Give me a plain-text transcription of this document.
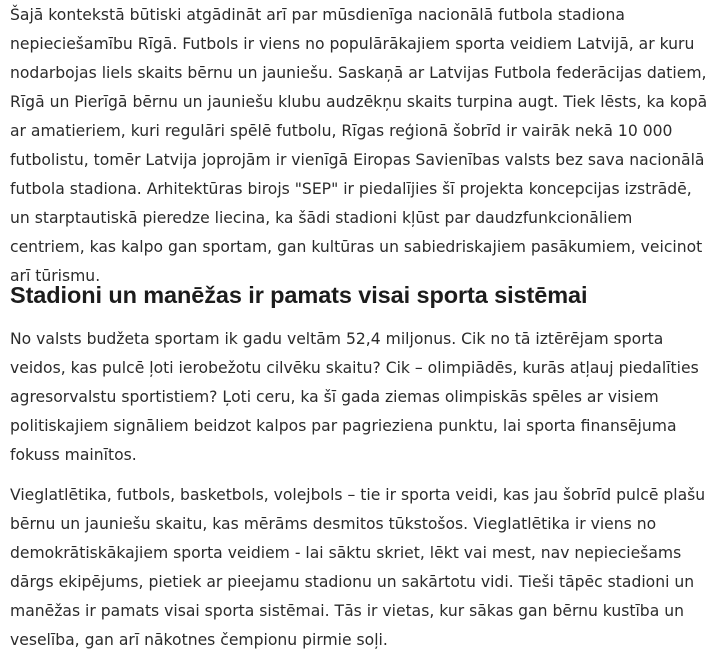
Šajā kontekstā būtiski atgādināt arī par mūsdienīga nacionālā futbola stadiona nepieciešamību Rīgā. Futbols ir viens no populārākajiem sporta veidiem Latvijā, ar kuru nodarbojas liels skaits bērnu un jauniešu. Saskaņā ar Latvijas Futbola federācijas datiem, Rīgā un Pierīgā bērnu un jauniešu klubu audzēkņu skaits turpina augt. Tiek lēsts, ka kopā ar amatieriem, kuri regulāri spēlē futbolu, Rīgas reģionā šobrīd ir vairāk nekā 10 000 futbolistu, tomēr Latvija joprojām ir vienīgā Eiropas Savienības valsts bez sava nacionālā futbola stadiona. Arhitektūras birojs "SEP" ir piedalījies šī projekta koncepcijas izstrādē, un starptautiskā pieredze liecina, ka šādi stadioni kļūst par daudzfunkcionāliem centriem, kas kalpo gan sportam, gan kultūras un sabiedriskajiem pasākumiem, veicinot arī tūrismu.

Stadioni un manēžas ir pamats visai sporta sistēmai

No valsts budžeta sportam ik gadu veltām 52,4 miljonus. Cik no tā iztērējam sporta veidos, kas pulcē ļoti ierobežotu cilvēku skaitu? Cik – olimpiādēs, kurās atļauj piedalīties agresorvalstu sportistiem? Ļoti ceru, ka šī gada ziemas olimpiskās spēles ar visiem politiskajiem signāliem beidzot kalpos par pagrieziena punktu, lai sporta finansējuma fokuss mainītos.

Vieglatlētika, futbols, basketbols, volejbols – tie ir sporta veidi, kas jau šobrīd pulcē plašu bērnu un jauniešu skaitu, kas mērāms desmitos tūkstošos. Vieglatlētika ir viens no demokrātiskākajiem sporta veidiem - lai sāktu skriet, lēkt vai mest, nav nepieciešams dārgs ekipējums, pietiek ar pieejamu stadionu un sakārtotu vidi. Tieši tāpēc stadioni un manēžas ir pamats visai sporta sistēmai. Tās ir vietas, kur sākas gan bērnu kustība un veselība, gan arī nākotnes čempionu pirmie soļi.
